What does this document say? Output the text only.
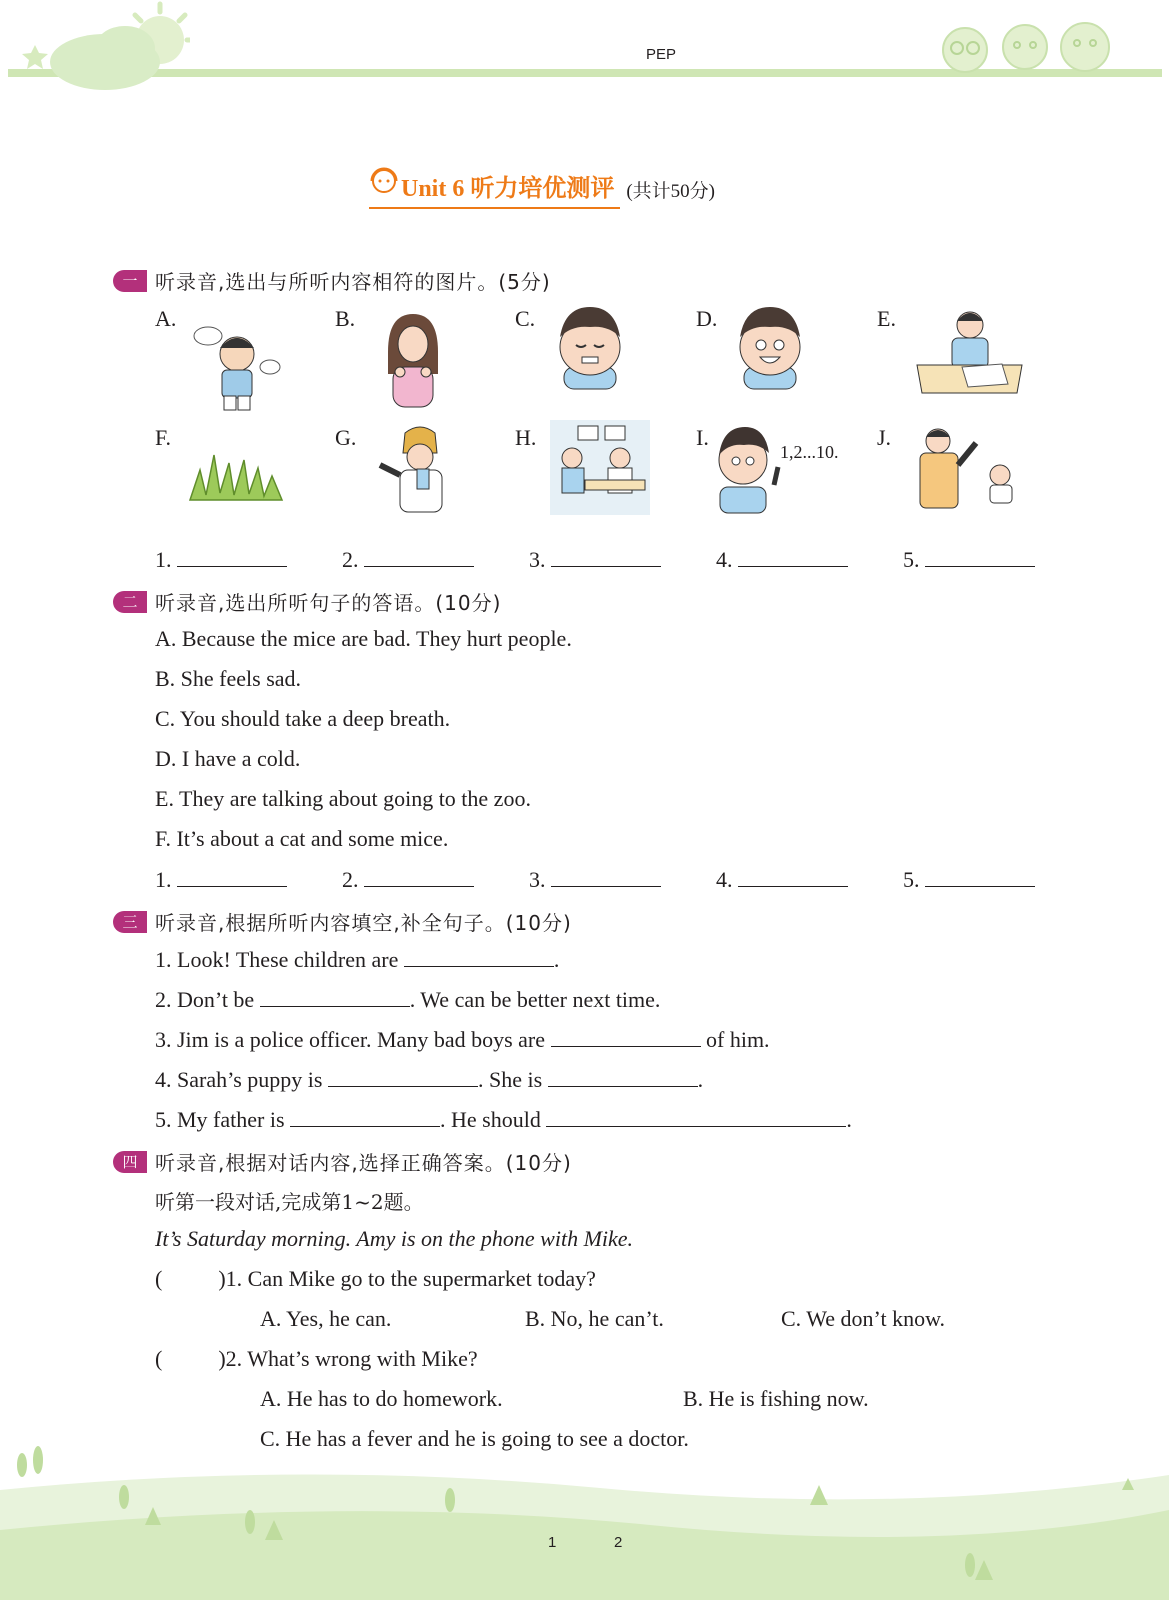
PEP
Unit 6 听力培优测评 (共计50分)
一 听录音,选出与所听内容相符的图片。(5分)
A.	B.	C.	D.	E.
F.	G.	H.	I.	J.
1,2...10.
1.	2.	3.	4.	5.
二 听录音,选出所听句子的答语。(10分)
A. Because the mice are bad. They hurt people.
B. She feels sad.
C. You should take a deep breath.
D. I have a cold.
E. They are talking about going to the zoo.
F. It’s about a cat and some mice.
1.	2.	3.	4.	5.
三 听录音,根据所听内容填空,补全句子。(10分)
1. Look! These children are	.
2. Don’t be	. We can be better next time.
3. Jim is a police officer. Many bad boys are	of him.
4. Sarah’s puppy is	. She is	.
5. My father is	. He should	.
四 听录音,根据对话内容,选择正确答案。(10分)
听第一段对话,完成第1~2题。
It’s Saturday morning. Amy is on the phone with Mike.
(	)1. Can Mike go to the supermarket today?
A. Yes, he can.	B. No, he can’t.	C. We don’t know.
(	)2. What’s wrong with Mike?
A. He has to do homework.	B. He is fishing now.
C. He has a fever and he is going to see a doctor.
1	2
